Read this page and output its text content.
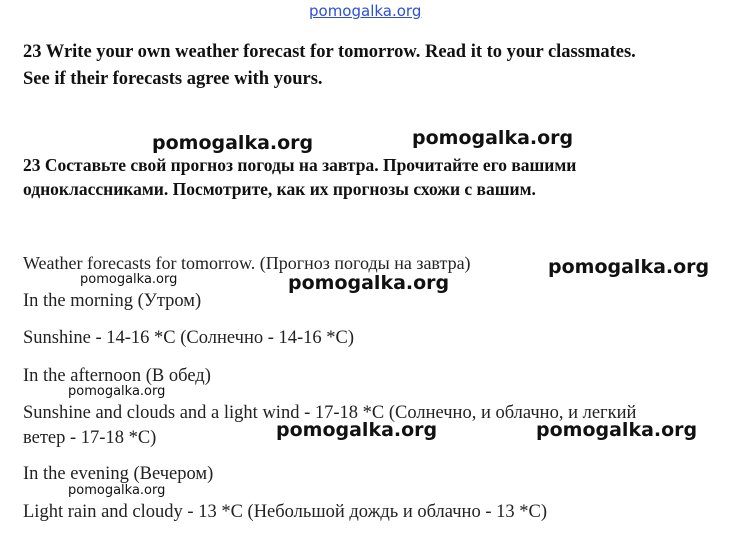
pomogalka.org
23 Write your own weather forecast for tomorrow. Read it to your classmates.
See if their forecasts agree with yours.
pomogalka.org	pomogalka.org
23 Составьте свой прогноз погоды на завтра. Прочитайте его вашими
одноклассниками. Посмотрите, как их прогнозы схожи с вашим.
Weather forecasts for tomorrow. (Прогноз погоды на завтра)	pomogalka.org
pomogalka.org	pomogalka.org
In the morning (Утром)
Sunshine - 14-16 *C (Солнечно - 14-16 *C)
In the afternoon (В обед)
pomogalka.org
Sunshine and clouds and a light wind - 17-18 *C (Солнечно, и облачно, и легкий
ветер - 17-18 *C)	pomogalka.org	pomogalka.org
In the evening (Вечером)
pomogalka.org
Light rain and cloudy - 13 *C (Небольшой дождь и облачно - 13 *C)
